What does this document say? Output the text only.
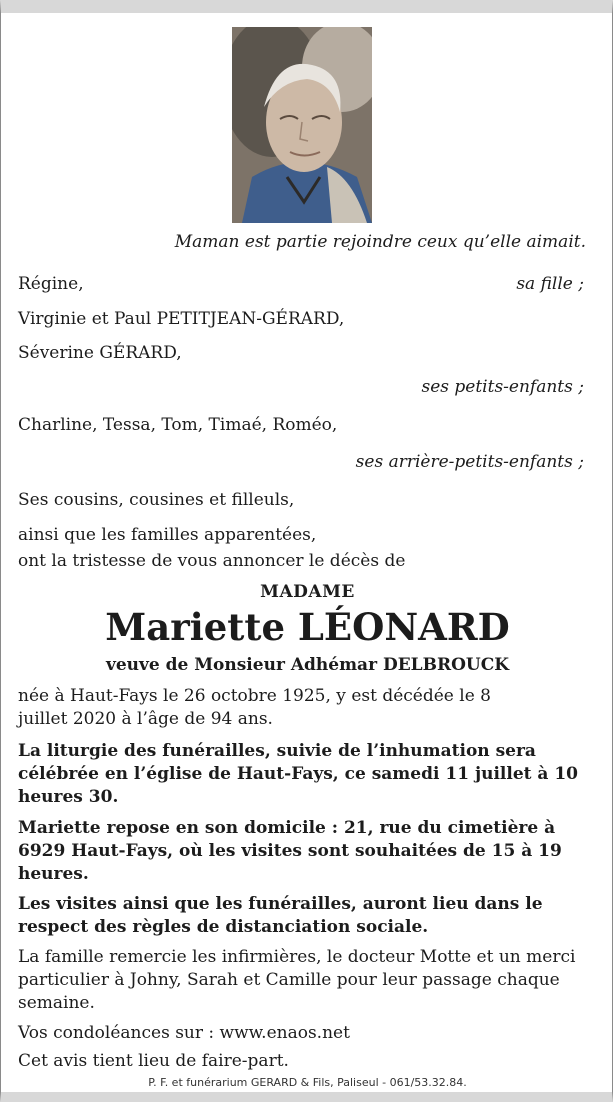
Maman est partie rejoindre ceux qu’elle aimait.
Régine,	sa fille ;
Virginie et Paul PETITJEAN-GÉRARD,
Séverine GÉRARD,
ses petits-enfants ;
Charline, Tessa, Tom, Timaé, Roméo,
ses arrière-petits-enfants ;
Ses cousins, cousines et filleuls,
ainsi que les familles apparentées,
ont la tristesse de vous annoncer le décès de
MADAME
Mariette LÉONARD
veuve de Monsieur Adhémar DELBROUCK
née à Haut-Fays le 26 octobre 1925, y est décédée le 8 juillet 2020 à l’âge de 94 ans.
La liturgie des funérailles, suivie de l’inhumation sera célébrée en l’église de Haut-Fays, ce samedi 11 juillet à 10 heures 30.
Mariette repose en son domicile : 21, rue du cimetière à 6929 Haut-Fays, où les visites sont souhaitées de 15 à 19 heures.
Les visites ainsi que les funérailles, auront lieu dans le respect des règles de distanciation sociale.
La famille remercie les infirmières, le docteur Motte et un merci particulier à Johny, Sarah et Camille pour leur passage chaque semaine.
Vos condoléances sur : www.enaos.net
Cet avis tient lieu de faire-part.
P. F. et funérarium GERARD & Fils, Paliseul - 061/53.32.84.
